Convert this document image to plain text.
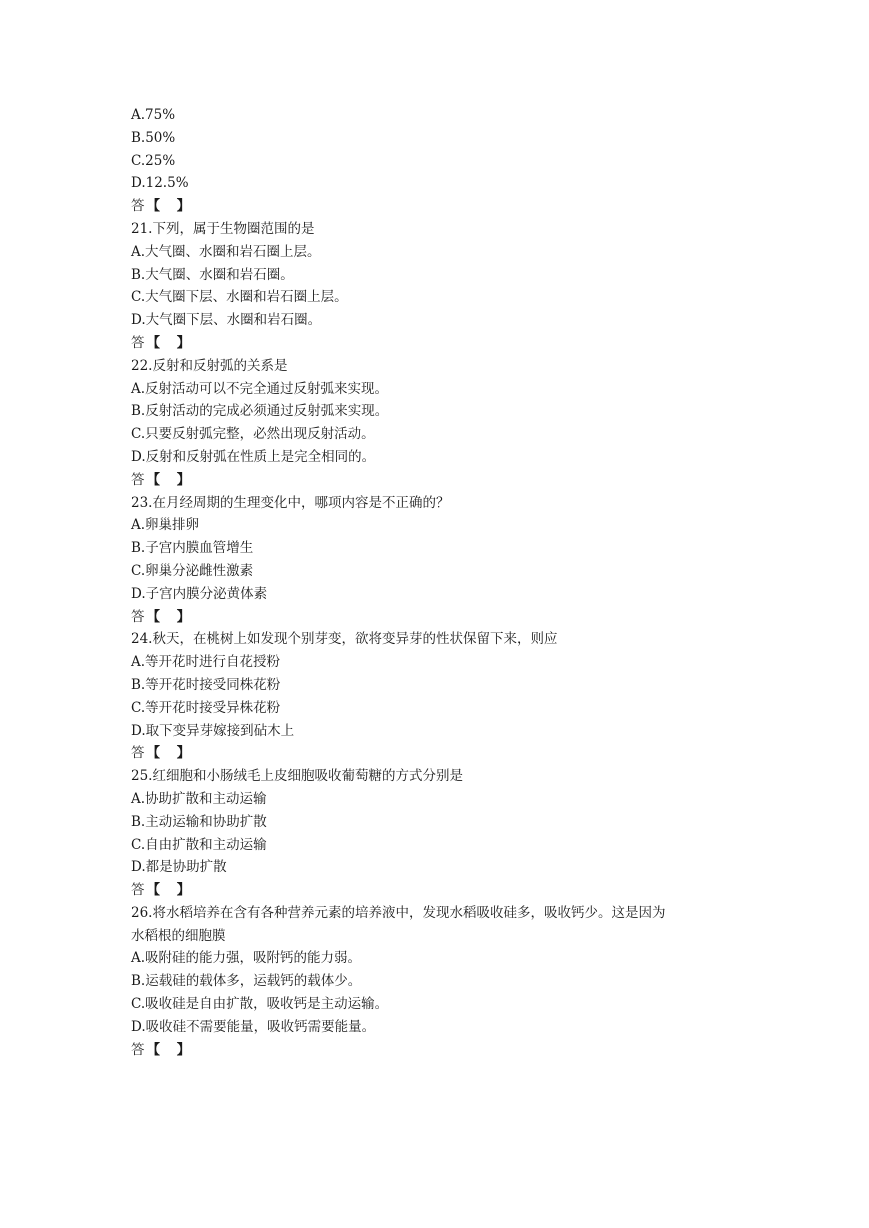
A.75%
B.50%
C.25%
D.12.5%
答 【 】
21.下列，属于生物圈范围的是
A.大气圈、水圈和岩石圈上层。
B.大气圈、水圈和岩石圈。
C.大气圈下层、水圈和岩石圈上层。
D.大气圈下层、水圈和岩石圈。
答 【 】
22.反射和反射弧的关系是
A.反射活动可以不完全通过反射弧来实现。
B.反射活动的完成必须通过反射弧来实现。
C.只要反射弧完整，必然出现反射活动。
D.反射和反射弧在性质上是完全相同的。
答 【 】
23.在月经周期的生理变化中，哪项内容是不正确的？
A.卵巢排卵
B.子宫内膜血管增生
C.卵巢分泌雌性激素
D.子宫内膜分泌黄体素
答 【 】
24.秋天，在桃树上如发现个别芽变，欲将变异芽的性状保留下来，则应
A.等开花时进行自花授粉
B.等开花时接受同株花粉
C.等开花时接受异株花粉
D.取下变异芽嫁接到砧木上
答 【 】
25.红细胞和小肠绒毛上皮细胞吸收葡萄糖的方式分别是
A.协助扩散和主动运输
B.主动运输和协助扩散
C.自由扩散和主动运输
D.都是协助扩散
答 【 】
26.将水稻培养在含有各种营养元素的培养液中，发现水稻吸收硅多，吸收钙少。这是因为
水稻根的细胞膜
A.吸附硅的能力强，吸附钙的能力弱。
B.运载硅的载体多，运载钙的载体少。
C.吸收硅是自由扩散，吸收钙是主动运输。
D.吸收硅不需要能量，吸收钙需要能量。
答 【 】
